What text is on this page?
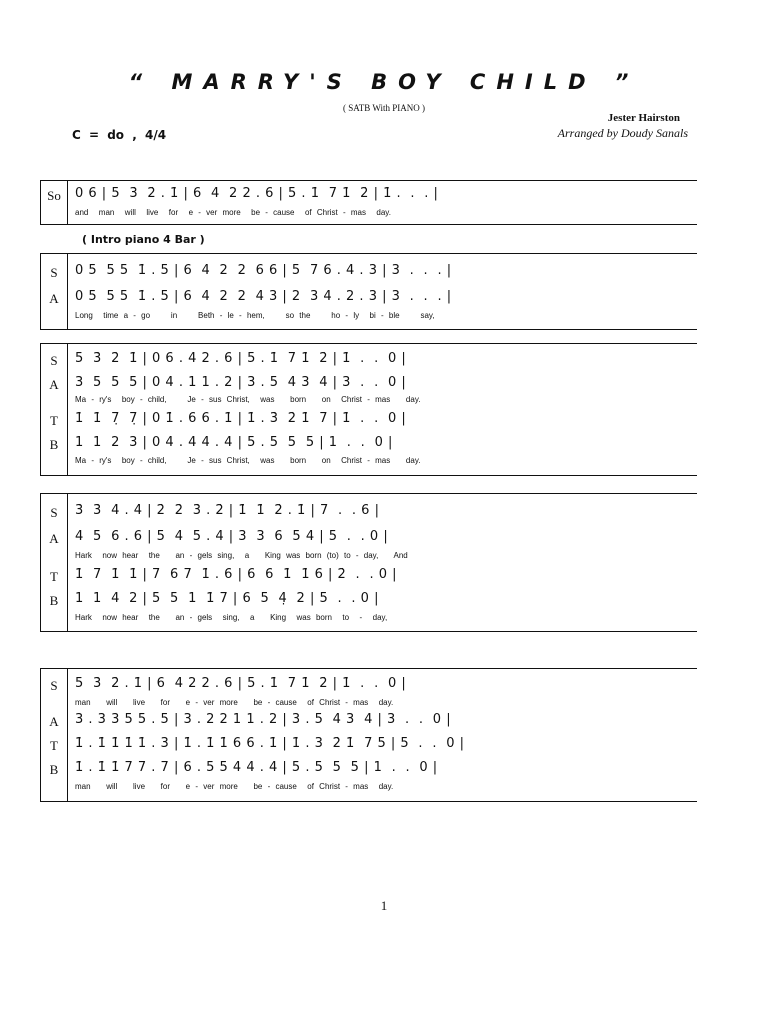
“ MARRY'S BOY CHILD ”
( SATB With PIANO )
Jester Hairston
C = do , 4/4	Arranged by Doudy Sanals
So	0 6 | 5  3̇  2̇ . 1̇ | 6  4  2 2 . 6 | 5 . 1̇  7 1̇  2̇ | 1̇ .  .  . |
and  man  will  live  for  e - ver more  be - cause  of Christ - mas  day.
( Intro piano 4 Bar )
S	0 5  5 5  1̇ . 5 | 6  4  2  2  6 6 | 5  7 6 . 4 . 3 | 3  .  .  . |
A	0 5  5 5  1̇ . 5 | 6  4  2  2  4 3 | 2  3 4 . 2 . 3 | 3  .  .  . |
Long  time a - go    in    Beth - le - hem,    so the    ho - ly  bi - ble    say,
S	5  3̇  2̇  1̇ | 0 6 . 4 2 . 6 | 5 . 1̇  7 1̇  2̇ | 1̇  .  .  0 |
A	3  5  5  5 | 0 4 . 1 1 . 2 | 3 . 5  4 3  4 | 3  .  .  0 |
Ma - ry's  boy - child,    Je - sus Christ,  was   born   on  Christ - mas   day.
T	1̇  1̇  7̣  7̣ | 0 1̇ . 6 6 . 1̇ | 1̇ . 3̇  2̇ 1̇  7 | 1̇  .  .  0 |
B	1  1  2  3 | 0 4 . 4 4 . 4 | 5 . 5  5  5 | 1  .  .  0 |
Ma - ry's  boy - child,    Je - sus Christ,  was   born   on  Christ - mas   day.
S	3̇  3̇  4̇ . 4̇ | 2̇  2̇  3̇ . 2̇ | 1̇  1̇  2̇ . 1̇ | 7  .  . 6 |
A	4  5  6 . 6 | 5  4  5 . 4 | 3  3  6  5 4 | 5  .  . 0 |
Hark  now hear  the   an - gels sing,  a   King was born (to) to - day,   And
T	1̇  7  1̇  1̇ | 7  6 7  1̇ . 6 | 6  6  1̇  1̇ 6 | 2̇  .  . 0 |
B	1  1  4  2 | 5  5  1  1̇ 7 | 6  5  4̣  2 | 5  .  . 0 |
Hark  now hear  the   an - gels  sing,  a   King  was born  to  -  day,
S	5  3̇  2̇ . 1̇ | 6  4 2 2 . 6 | 5 . 1̇  7 1̇  2̇ | 1̇  .  .  0 |
man   will   live   for   e - ver more   be - cause  of Christ - mas  day.
A	3 . 3 3 5 5 . 5 | 3 . 2 2 1 1 . 2 | 3 . 5  4 3  4 | 3  .  .  0 |
T	1̇ . 1̇ 1̇ 1̇ 1̇ . 3 | 1̇ . 1̇ 1̇ 6 6 . 1̇ | 1̇ . 3  2̇ 1̇  7 5 | 5  .  .  0 |
B	1̇ . 1̇ 1̇ 7 7 . 7 | 6 . 5 5 4 4 . 4 | 5 . 5  5  5 | 1  .  .  0 |
man   will   live   for   e - ver more   be - cause  of Christ - mas  day.
1
